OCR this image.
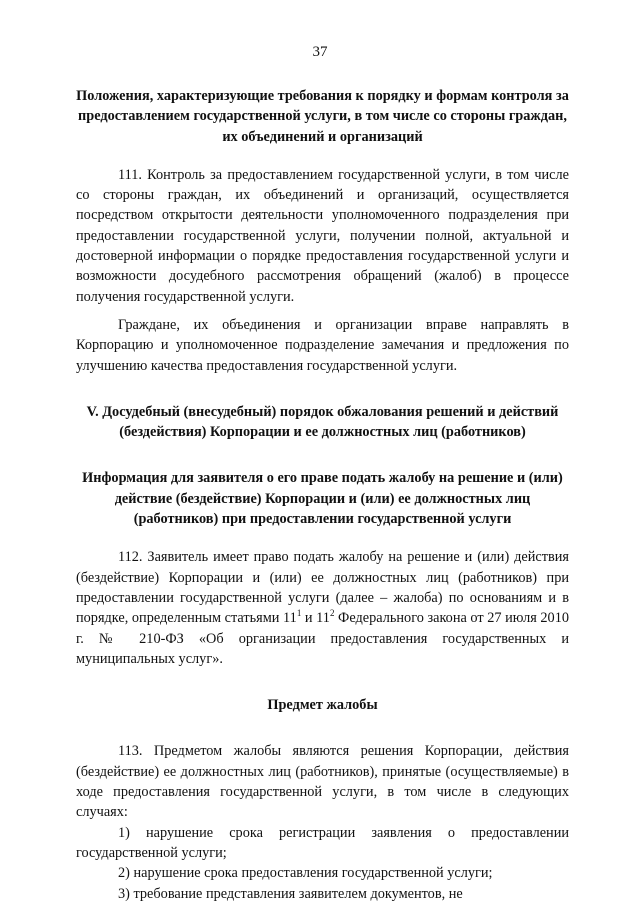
37

Положения, характеризующие требования к порядку и формам контроля за предоставлением государственной услуги, в том числе со стороны граждан, их объединений и организаций

111. Контроль за предоставлением государственной услуги, в том числе со стороны граждан, их объединений и организаций, осуществляется посредством открытости деятельности уполномоченного подразделения при предоставлении государственной услуги, получении полной, актуальной и достоверной информации о порядке предоставления государственной услуги и возможности досудебного рассмотрения обращений (жалоб) в процессе получения государственной услуги.

Граждане, их объединения и организации вправе направлять в Корпорацию и уполномоченное подразделение замечания и предложения по улучшению качества предоставления государственной услуги.

V. Досудебный (внесудебный) порядок обжалования решений и действий (бездействия) Корпорации и ее должностных лиц (работников)

Информация для заявителя о его праве подать жалобу на решение и (или) действие (бездействие) Корпорации и (или) ее должностных лиц (работников) при предоставлении государственной услуги

112. Заявитель имеет право подать жалобу на решение и (или) действия (бездействие) Корпорации и (или) ее должностных лиц (работников) при предоставлении государственной услуги (далее – жалоба) по основаниям и в порядке, определенным статьями $11^1$ и $11^2$ Федерального закона от 27 июля 2010 г. № 210-ФЗ «Об организации предоставления государственных и муниципальных услуг».

Предмет жалобы

113. Предметом жалобы являются решения Корпорации, действия (бездействие) ее должностных лиц (работников), принятые (осуществляемые) в ходе предоставления государственной услуги, в том числе в следующих случаях:

1) нарушение срока регистрации заявления о предоставлении государственной услуги;

2) нарушение срока предоставления государственной услуги;

3) требование представления заявителем документов, не
